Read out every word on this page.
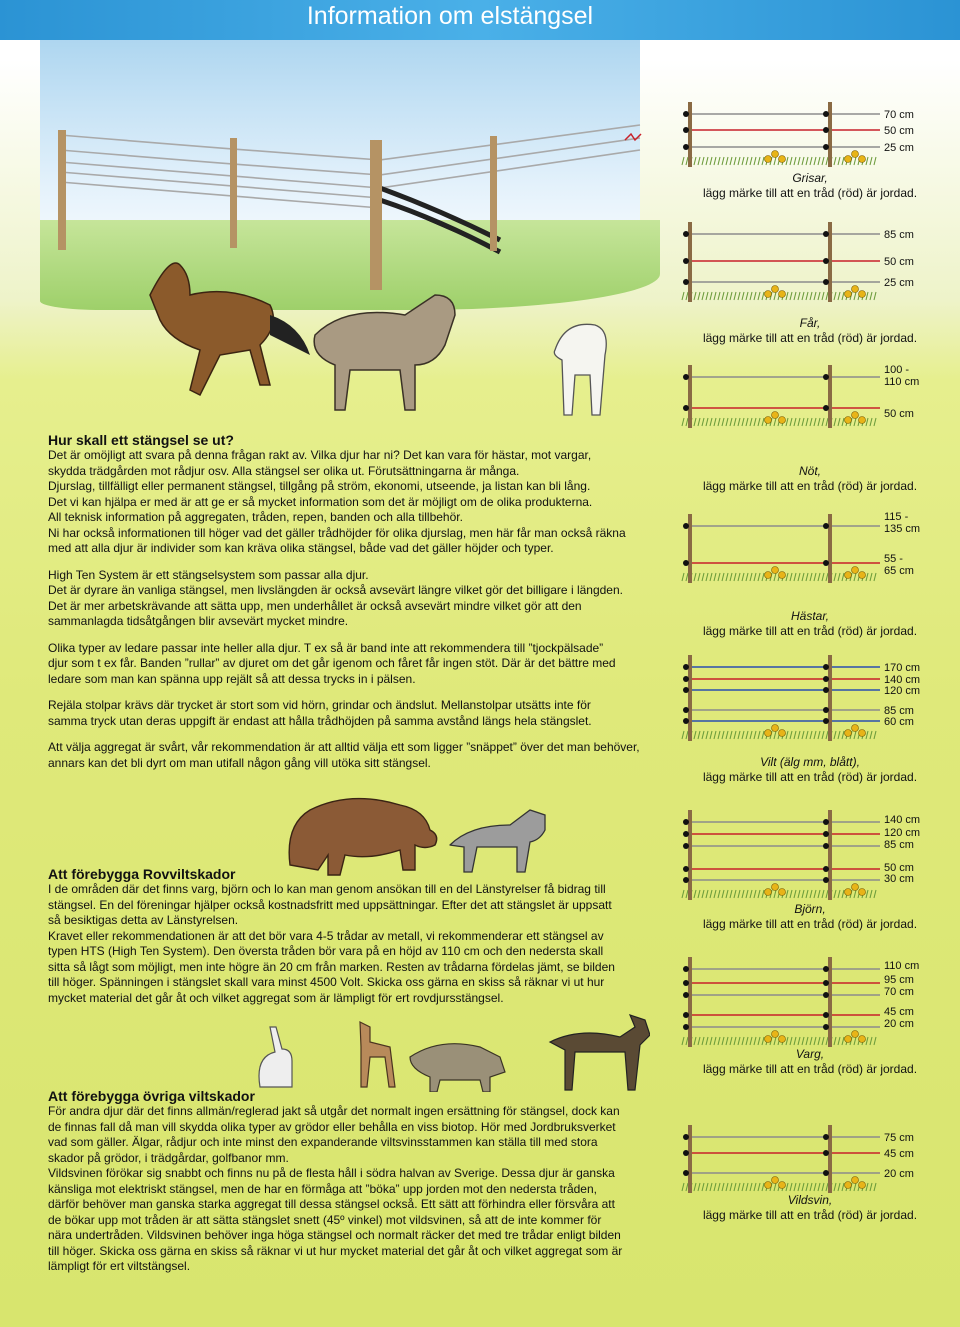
Information om elstängsel
Hur skall ett stängsel se ut?

Det är omöjligt att svara på denna frågan rakt av. Vilka djur har ni? Det kan vara för hästar, mot vargar,

skydda trädgården mot rådjur osv. Alla stängsel ser olika ut. Förutsättningarna är många.

Djurslag, tillfälligt eller permanent stängsel, tillgång på ström, ekonomi, utseende, ja listan kan bli lång.

Det vi kan hjälpa er med är att ge er så mycket information som det är möjligt om de olika produkterna.

All teknisk information på aggregaten, tråden, repen, banden och alla tillbehör.

Ni har också informationen till höger vad det gäller trådhöjder för olika djurslag, men här får man också räkna

med att alla djur är individer som kan kräva olika stängsel, både vad det gäller höjder och typer.

High Ten System är ett stängselsystem som passar alla djur.

Det är dyrare än vanliga stängsel, men livslängden är också avsevärt längre vilket gör det billigare i längden.

Det är mer arbetskrävande att sätta upp, men underhållet är också avsevärt mindre vilket gör att den

sammanlagda tidsåtgången blir avsevärt mycket mindre.

Olika typer av ledare passar inte heller alla djur. T ex så är band inte att rekommendera till ”tjockpälsade”

djur som t ex får. Banden ”rullar” av djuret om det går igenom och fåret får ingen stöt. Där är det bättre med

ledare som man kan spänna upp rejält så att dessa trycks in i pälsen.

Rejäla stolpar krävs där trycket är stort som vid hörn, grindar och ändslut. Mellanstolpar utsätts inte för

samma tryck utan deras uppgift är endast att hålla trådhöjden på samma avstånd längs hela stängslet.

Att välja aggregat är svårt, vår rekommendation är att alltid välja ett som ligger ”snäppet” över det man behöver,

annars kan det bli dyrt om man utifall någon gång vill utöka sitt stängsel.

Att förebygga Rovviltskador

I de områden där det finns varg, björn och lo kan man genom ansökan till en del Länstyrelser få bidrag till

stängsel. En del föreningar hjälper också kostnadsfritt med uppsättningar. Efter det att stängslet är uppsatt

så besiktigas detta av Länstyrelsen.

Kravet eller rekommendationen är att det bör vara 4-5 trådar av metall, vi rekommenderar ett stängsel av

typen HTS (High Ten System). Den översta tråden bör vara på en höjd av 110 cm och den nedersta skall

sitta så lågt som möjligt, men inte högre än 20 cm från marken. Resten av trådarna fördelas jämt, se bilden

till höger. Spänningen i stängslet skall vara minst 4500 Volt. Skicka oss gärna en skiss så räknar vi ut hur

mycket material det går åt och vilket aggregat som är lämpligt för ert rovdjursstängsel.

Att förebygga övriga viltskador

För andra djur där det finns allmän/reglerad jakt så utgår det normalt ingen ersättning för stängsel, dock kan

de finnas fall då man vill skydda olika typer av grödor eller behålla en viss biotop. Hör med Jordbruksverket

vad som gäller. Älgar, rådjur och inte minst den expanderande viltsvinsstammen kan ställa till med stora

skador på grödor, i trädgårdar, golfbanor mm.

Vildsvinen förökar sig snabbt och finns nu på de flesta håll i södra halvan av Sverige. Dessa djur är ganska

känsliga mot elektriskt stängsel, men de har en förmåga att ”böka” upp jorden mot den nedersta tråden,

därför behöver man ganska starka aggregat till dessa stängsel också. Ett sätt att förhindra eller försvåra att

de bökar upp mot tråden är att sätta stängslet snett (45º vinkel) mot vildsvinen, så att de inte kommer för

nära undertråden. Vildsvinen behöver inga höga stängsel och normalt räcker det med tre trådar enligt bilden

till höger. Skicka oss gärna en skiss så räknar vi ut hur mycket material det går åt och vilket aggregat som är

lämpligt för ert viltstängsel.

70 cm
50 cm
25 cm
Grisar,
lägg märke till att en tråd (röd) är jordad.
85 cm
50 cm
25 cm
Får,
lägg märke till att en tråd (röd) är jordad.
100 -
110 cm
50 cm
Nöt,
lägg märke till att en tråd (röd) är jordad.
115 -
135 cm
55 -
65 cm
Hästar,
lägg märke till att en tråd (röd) är jordad.
170 cm
140 cm
120 cm
85 cm
60 cm
Vilt (älg mm, blått),
lägg märke till att en tråd (röd) är jordad.
140 cm
120 cm
85 cm
50 cm
30 cm
Björn,
lägg märke till att en tråd (röd) är jordad.
110 cm
95 cm
70 cm
45 cm
20 cm
Varg,
lägg märke till att en tråd (röd) är jordad.
75 cm
45 cm
20 cm
Vildsvin,
lägg märke till att en tråd (röd) är jordad.
